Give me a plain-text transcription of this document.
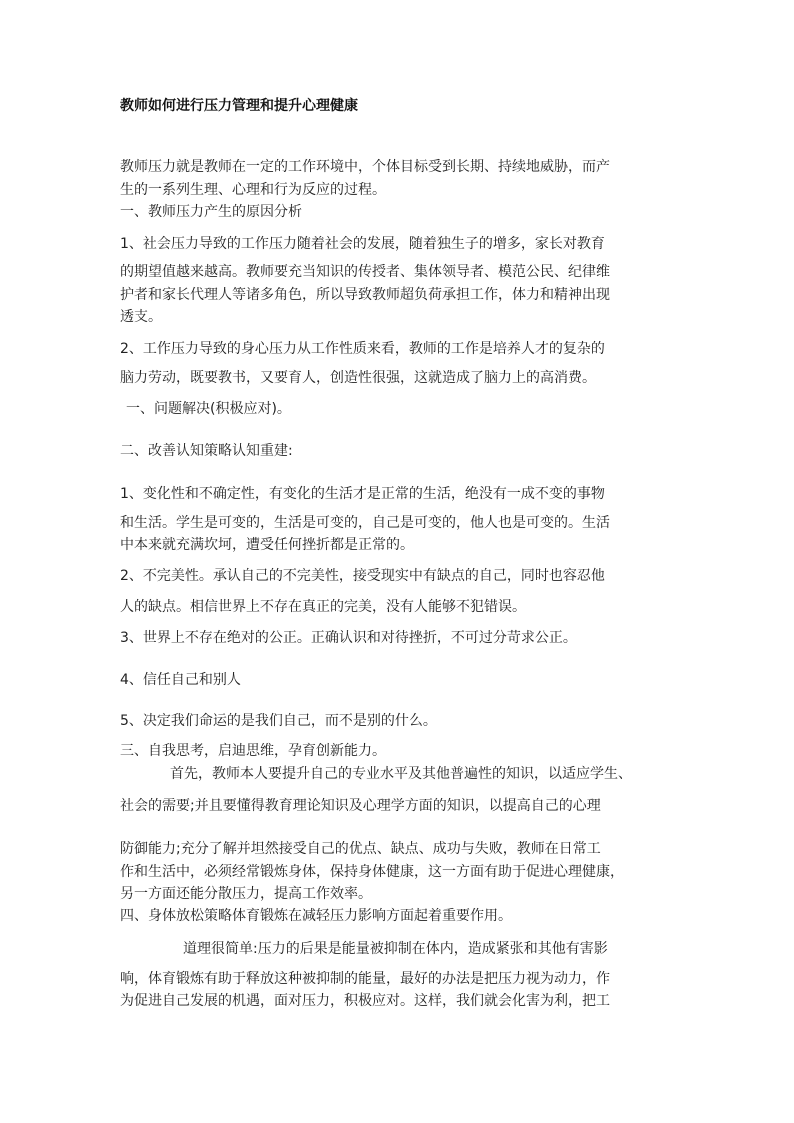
教师如何进行压力管理和提升心理健康
教师压力就是教师在一定的工作环境中，个体目标受到长期、持续地威胁，而产
生的一系列生理、心理和行为反应的过程。
一、教师压力产生的原因分析
1、社会压力导致的工作压力随着社会的发展，随着独生子的增多，家长对教育
的期望值越来越高。教师要充当知识的传授者、集体领导者、模范公民、纪律维
护者和家长代理人等诸多角色，所以导致教师超负荷承担工作，体力和精神出现
透支。
2、工作压力导致的身心压力从工作性质来看，教师的工作是培养人才的复杂的
脑力劳动，既要教书，又要育人，创造性很强，这就造成了脑力上的高消费。
一、问题解决(积极应对)。
二、改善认知策略认知重建:
1、变化性和不确定性，有变化的生活才是正常的生活，绝没有一成不变的事物
和生活。学生是可变的，生活是可变的，自己是可变的，他人也是可变的。生活
中本来就充满坎坷，遭受任何挫折都是正常的。
2、不完美性。承认自己的不完美性，接受现实中有缺点的自己，同时也容忍他
人的缺点。相信世界上不存在真正的完美，没有人能够不犯错误。
3、世界上不存在绝对的公正。正确认识和对待挫折，不可过分苛求公正。
4、信任自己和别人
5、决定我们命运的是我们自己，而不是别的什么。
三、自我思考，启迪思维，孕育创新能力。
首先，教师本人要提升自己的专业水平及其他普遍性的知识，以适应学生、
社会的需要;并且要懂得教育理论知识及心理学方面的知识，以提高自己的心理
防御能力;充分了解并坦然接受自己的优点、缺点、成功与失败，教师在日常工
作和生活中，必须经常锻炼身体，保持身体健康，这一方面有助于促进心理健康，
另一方面还能分散压力，提高工作效率。
四、身体放松策略体育锻炼在减轻压力影响方面起着重要作用。
道理很简单:压力的后果是能量被抑制在体内，造成紧张和其他有害影
响，体育锻炼有助于释放这种被抑制的能量，最好的办法是把压力视为动力，作
为促进自己发展的机遇，面对压力，积极应对。这样，我们就会化害为利，把工
